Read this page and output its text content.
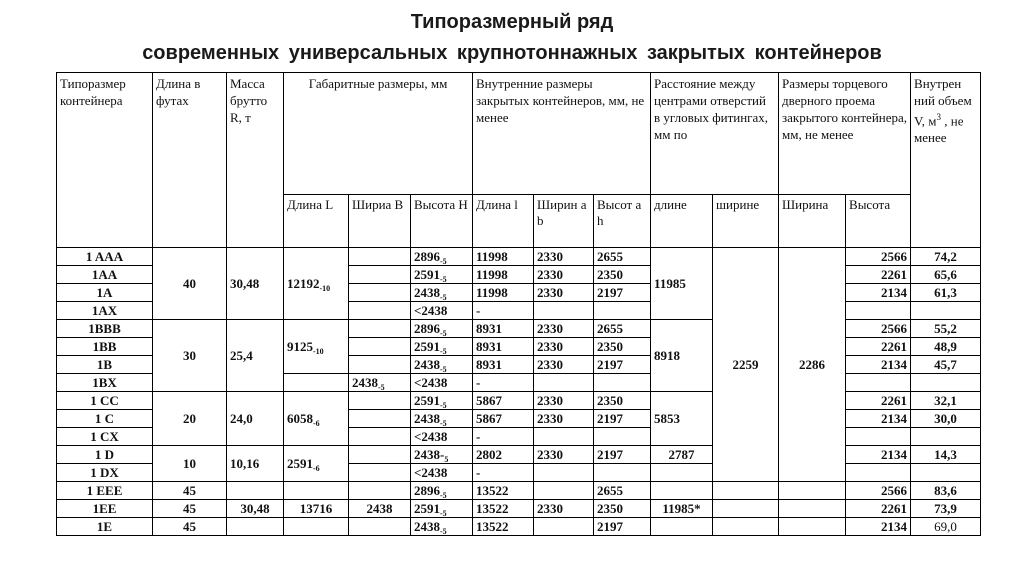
Типоразмерный ряд
современных универсальных крупнотоннажных закрытых контейнеров
Типоразмер контейнера	Длина в футах	Масса брутто R, т	Габаритные размеры, мм			Внутренние размеры закрытых контейнеров, мм, не менее			Расстояние между центрами отверстий в угловых фитингах, мм по		Размеры торцевого дверного проема закрытого контейнера, мм, не менее		Внутрен ний объем V, $м^3$ , не менее
			Длина L	Шириа В	Высота H	Длина l	Ширин а b	Высот а h	длине	ширине	Ширина	Высота	
1 AAA	40	30,48	$12192_{-10}$		$2896_{-5}$	11998	2330	2655	11985	2259	2286	2566	74,2
1AA					$2591_{-5}$	11998	2330	2350				2261	65,6
1A					$2438_{-5}$	11998	2330	2197				2134	61,3
1AX					<2438	-							
1BBB	30	25,4	$9125_{-10}$		$2896_{-5}$	8931	2330	2655	8918			2566	55,2
1BB					$2591_{-5}$	8931	2330	2350				2261	48,9
1B					$2438_{-5}$	8931	2330	2197				2134	45,7
1BX				$2438_{-5}$	<2438	-							
1 CC	20	24,0	$6058_{-6}$		$2591_{-5}$	5867	2330	2350	5853			2261	32,1
1 C					$2438_{-5}$	5867	2330	2197				2134	30,0
1 CX					<2438	-							
1 D	10	10,16	$2591_{-6}$		$2438-_5$	2802	2330	2197	2787			2134	14,3
1 DX					<2438	-							
1 EEE	45				$2896_{-5}$	13522		2655				2566	83,6
1EE	45	30,48	13716	2438	$2591_{-5}$	13522	2330	2350	11985*			2261	73,9
1E	45				$2438_{-5}$	13522		2197				2134	69,0
